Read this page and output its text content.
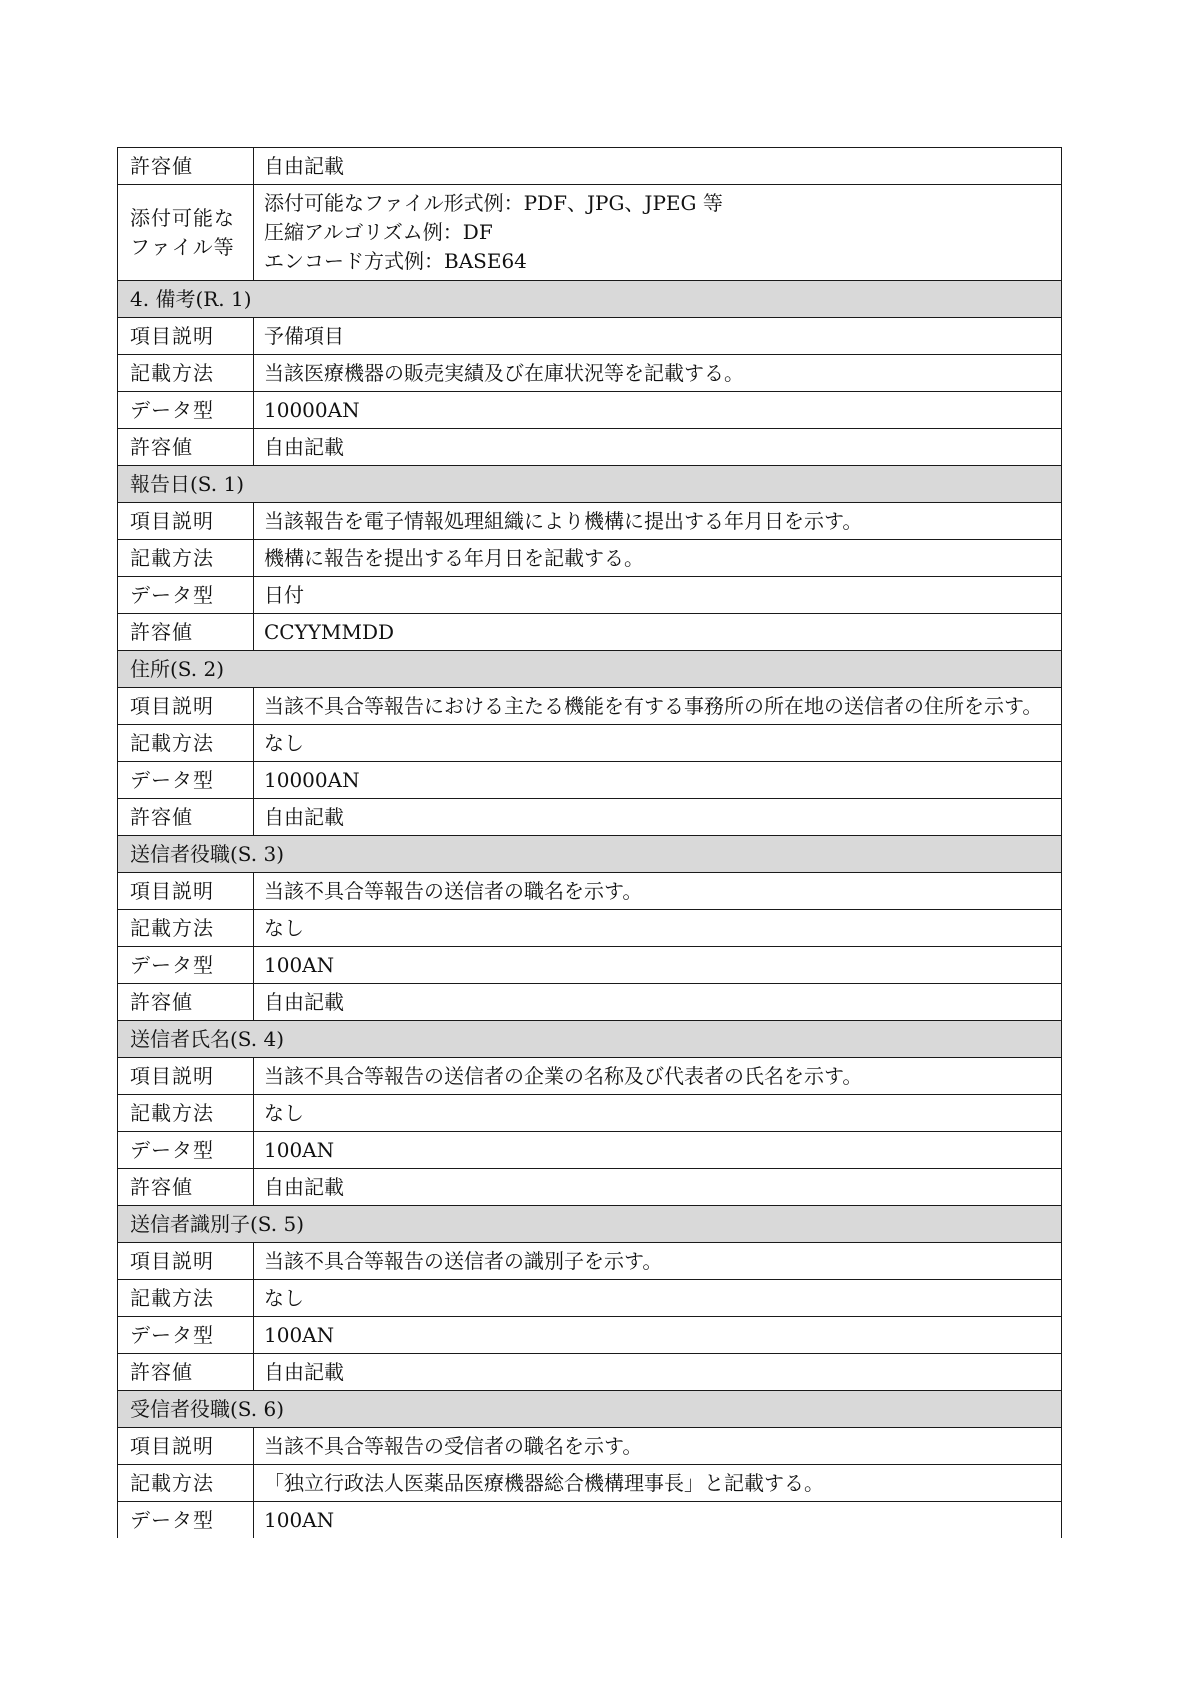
許容値	自由記載

添付可能な
ファイル等	添付可能なファイル形式例：PDF、JPG、JPEG 等
圧縮アルゴリズム例：DF
エンコード方式例：BASE64

4. 備考(R. 1)	
項目説明	予備項目

記載方法	当該医療機器の販売実績及び在庫状況等を記載する。

データ型	10000AN

許容値	自由記載

報告日(S. 1)	
項目説明	当該報告を電子情報処理組織により機構に提出する年月日を示す。

記載方法	機構に報告を提出する年月日を記載する。

データ型	日付

許容値	CCYYMMDD

住所(S. 2)	
項目説明	当該不具合等報告における主たる機能を有する事務所の所在地の送信者の住所を示す。

記載方法	なし

データ型	10000AN

許容値	自由記載

送信者役職(S. 3)	
項目説明	当該不具合等報告の送信者の職名を示す。

記載方法	なし

データ型	100AN

許容値	自由記載

送信者氏名(S. 4)	
項目説明	当該不具合等報告の送信者の企業の名称及び代表者の氏名を示す。

記載方法	なし

データ型	100AN

許容値	自由記載

送信者識別子(S. 5)	
項目説明	当該不具合等報告の送信者の識別子を示す。

記載方法	なし

データ型	100AN

許容値	自由記載

受信者役職(S. 6)	
項目説明	当該不具合等報告の受信者の職名を示す。

記載方法	「独立行政法人医薬品医療機器総合機構理事長」と記載する。

データ型	100AN
